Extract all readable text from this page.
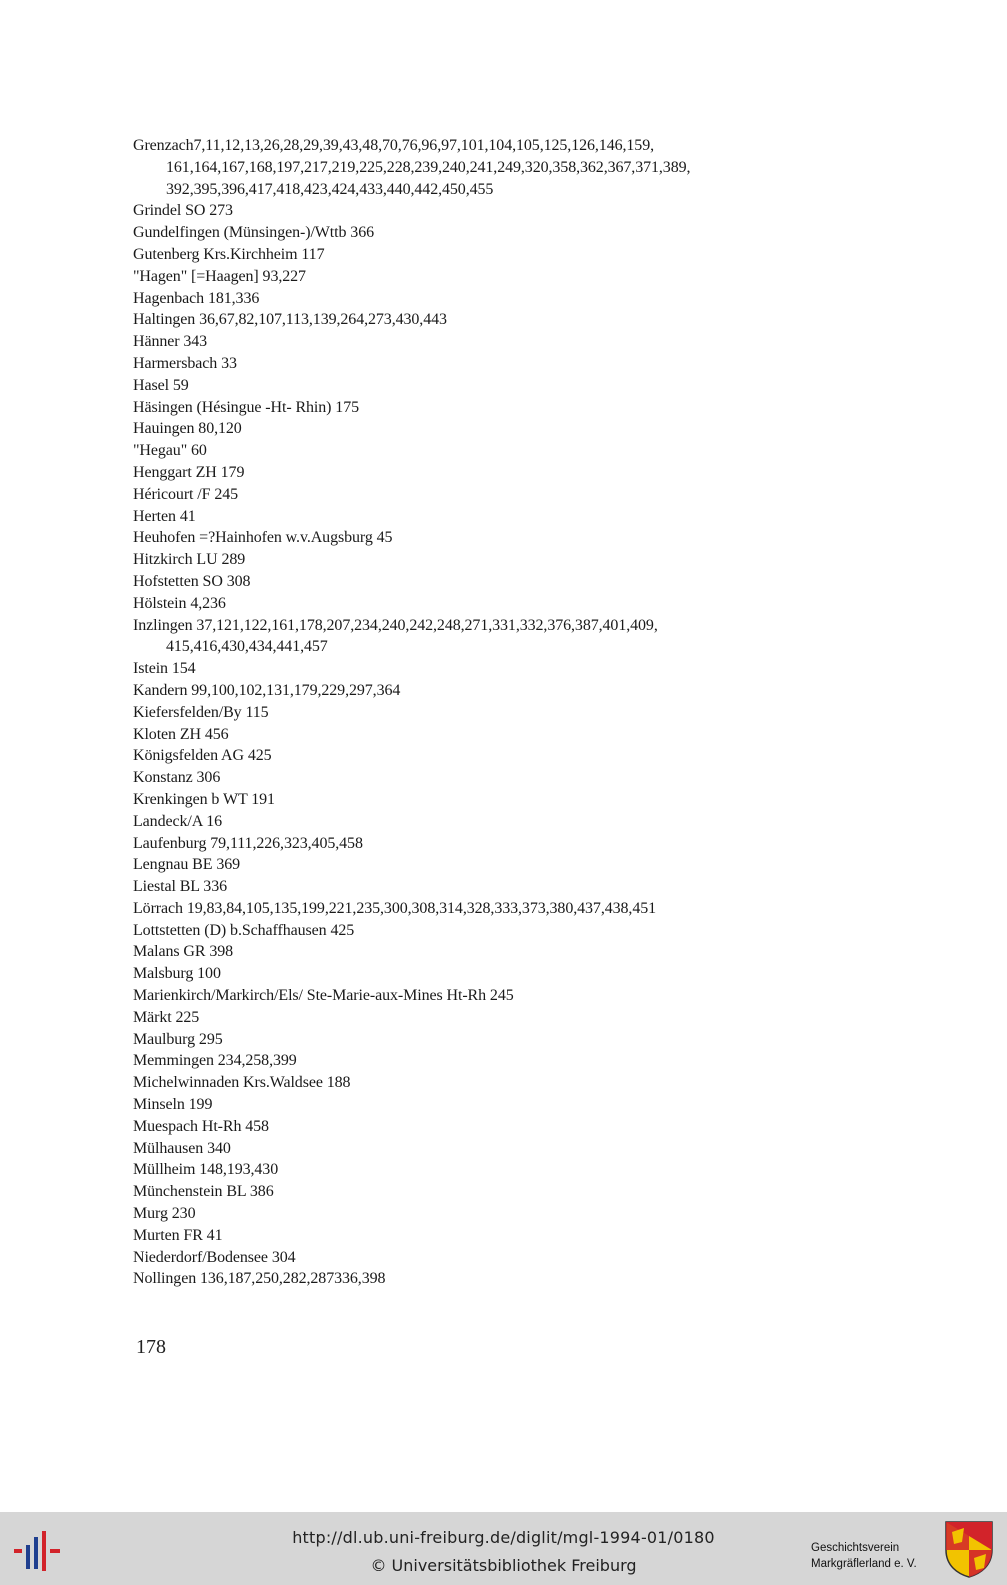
Grenzach7,11,12,13,26,28,29,39,43,48,70,76,96,97,101,104,105,125,126,146,159, 161,164,167,168,197,217,219,225,228,239,240,241,249,320,358,362,367,371,389, 392,395,396,417,418,423,424,433,440,442,450,455
Grindel SO 273
Gundelfingen (Münsingen-)/Wttb 366
Gutenberg Krs.Kirchheim 117
"Hagen" [=Haagen] 93,227
Hagenbach 181,336
Haltingen 36,67,82,107,113,139,264,273,430,443
Hänner 343
Harmersbach 33
Hasel 59
Häsingen (Hésingue -Ht- Rhin) 175
Hauingen 80,120
"Hegau" 60
Henggart ZH 179
Héricourt /F 245
Herten 41
Heuhofen =?Hainhofen w.v.Augsburg 45
Hitzkirch LU 289
Hofstetten SO 308
Hölstein 4,236
Inzlingen 37,121,122,161,178,207,234,240,242,248,271,331,332,376,387,401,409, 415,416,430,434,441,457
Istein 154
Kandern 99,100,102,131,179,229,297,364
Kiefersfelden/By 115
Kloten ZH 456
Königsfelden AG 425
Konstanz 306
Krenkingen b WT 191
Landeck/A 16
Laufenburg 79,111,226,323,405,458
Lengnau BE 369
Liestal BL 336
Lörrach 19,83,84,105,135,199,221,235,300,308,314,328,333,373,380,437,438,451
Lottstetten (D) b.Schaffhausen 425
Malans GR 398
Malsburg 100
Marienkirch/Markirch/Els/ Ste-Marie-aux-Mines Ht-Rh 245
Märkt 225
Maulburg 295
Memmingen 234,258,399
Michelwinnaden Krs.Waldsee 188
Minseln 199
Muespach Ht-Rh 458
Mülhausen 340
Müllheim 148,193,430
Münchenstein BL 386
Murg 230
Murten FR 41
Niederdorf/Bodensee 304
Nollingen 136,187,250,282,287336,398
178
http://dl.ub.uni-freiburg.de/diglit/mgl-1994-01/0180
© Universitätsbibliothek Freiburg
Geschichtsverein
Markgräflerland e. V.
